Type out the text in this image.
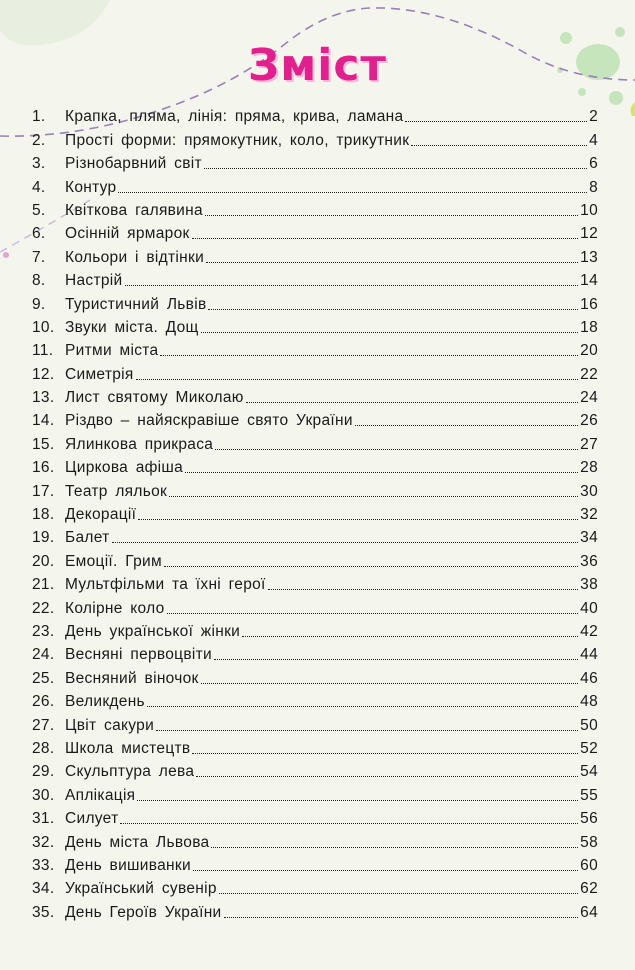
Зміст
1.	Крапка, пляма, лінія: пряма, крива, ламана	2
2.	Прості форми: прямокутник, коло, трикутник	4
3.	Різнобарвний світ	6
4.	Контур	8
5.	Квіткова галявина	10
6.	Осінній ярмарок	12
7.	Кольори і відтінки	13
8.	Настрій	14
9.	Туристичний Львів	16
10. Звуки міста. Дощ	18
11. Ритми міста	20
12. Симетрія	22
13. Лист святому Миколаю	24
14. Різдво – найяскравіше свято України	26
15. Ялинкова прикраса	27
16. Циркова афіша	28
17. Театр ляльок	30
18. Декорації	32
19. Балет	34
20. Емоції. Грим	36
21. Мультфільми та їхні герої	38
22. Колірне коло	40
23. День української жінки	42
24. Весняні первоцвіти	44
25. Весняний віночок	46
26. Великдень	48
27. Цвіт сакури	50
28. Школа мистецтв	52
29. Скульптура лева	54
30. Аплікація	55
31. Силует	56
32. День міста Львова	58
33. День вишиванки	60
34. Український сувенір	62
35. День Героїв України	64
